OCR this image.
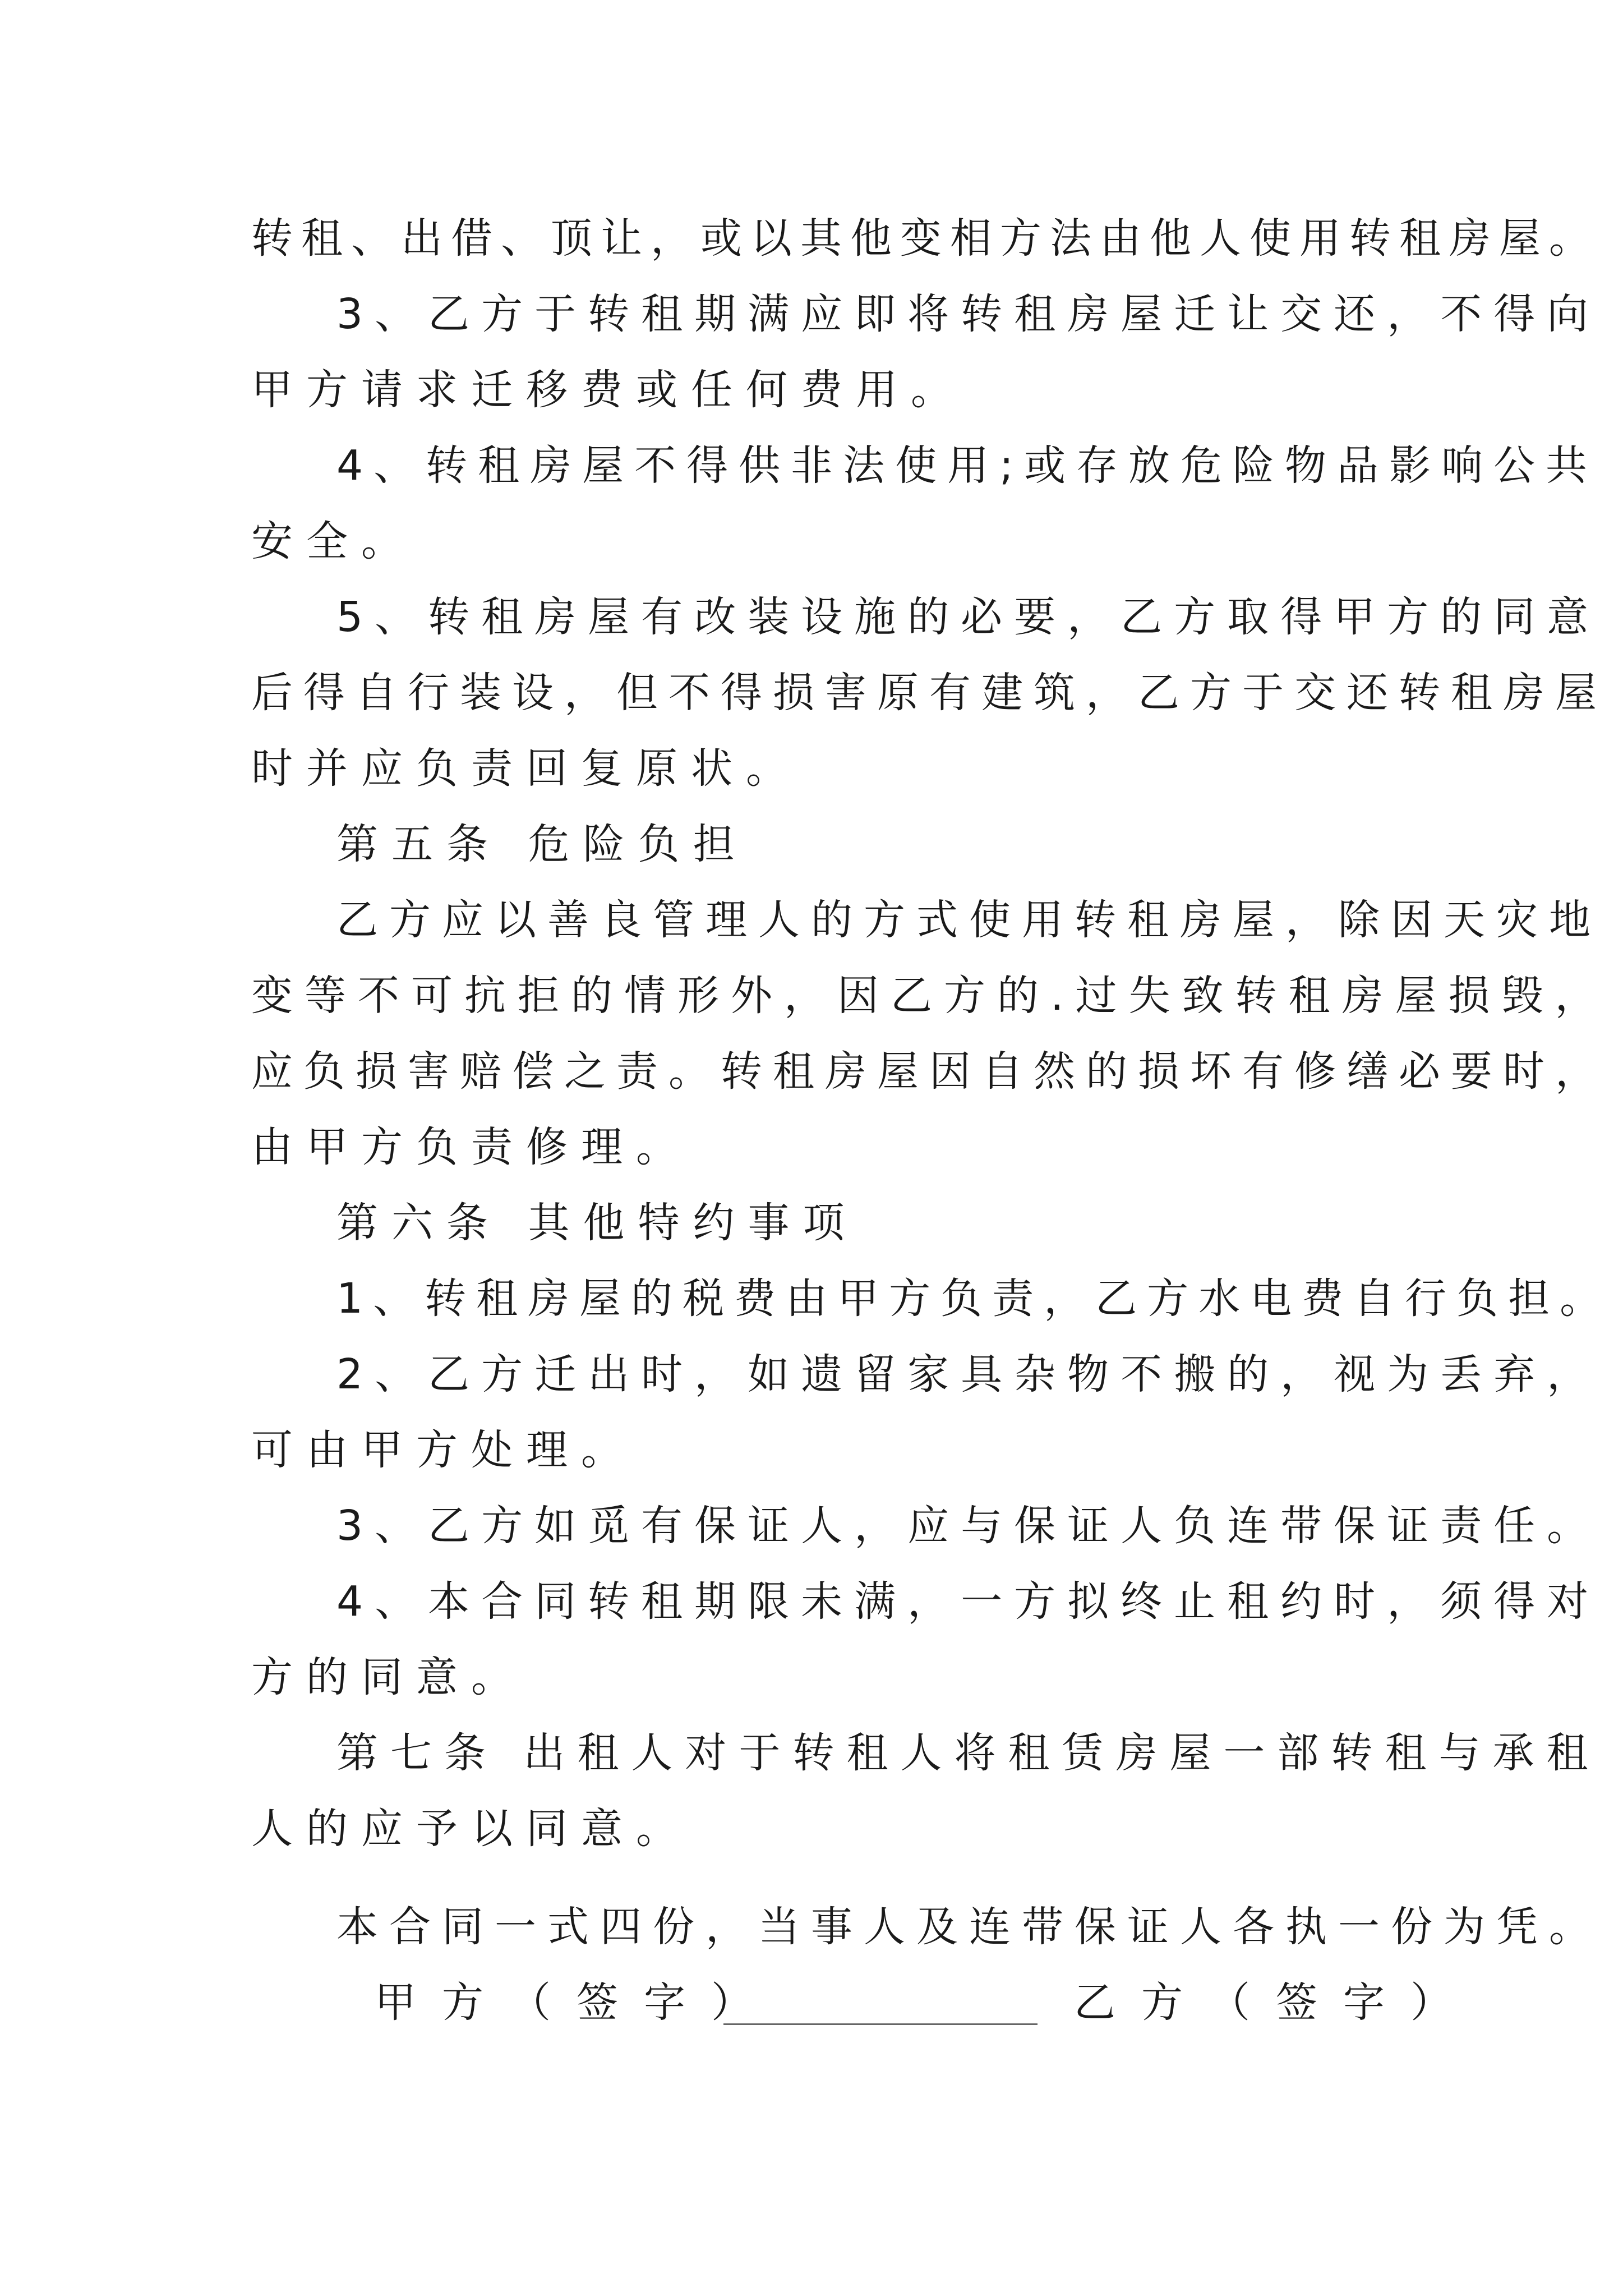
转租、出借、顶让，或以其他变相方法由他人使用转租房屋。
3、乙方于转租期满应即将转租房屋迁让交还，不得向
甲方请求迁移费或任何费用。
4、转租房屋不得供非法使用;或存放危险物品影响公共
安全。
5、转租房屋有改装设施的必要，乙方取得甲方的同意
后得自行装设，但不得损害原有建筑，乙方于交还转租房屋
时并应负责回复原状。
第五条 危险负担
乙方应以善良管理人的方式使用转租房屋，除因天灾地
变等不可抗拒的情形外，因乙方的.过失致转租房屋损毁，
应负损害赔偿之责。转租房屋因自然的损坏有修缮必要时，
由甲方负责修理。
第六条 其他特约事项
1、转租房屋的税费由甲方负责，乙方水电费自行负担。
2、乙方迁出时，如遗留家具杂物不搬的，视为丢弃，
可由甲方处理。
3、乙方如觅有保证人，应与保证人负连带保证责任。
4、本合同转租期限未满，一方拟终止租约时，须得对
方的同意。
第七条 出租人对于转租人将租赁房屋一部转租与承租
人的应予以同意。
本合同一式四份，当事人及连带保证人各执一份为凭。
甲方（签字）	乙方（签字）
